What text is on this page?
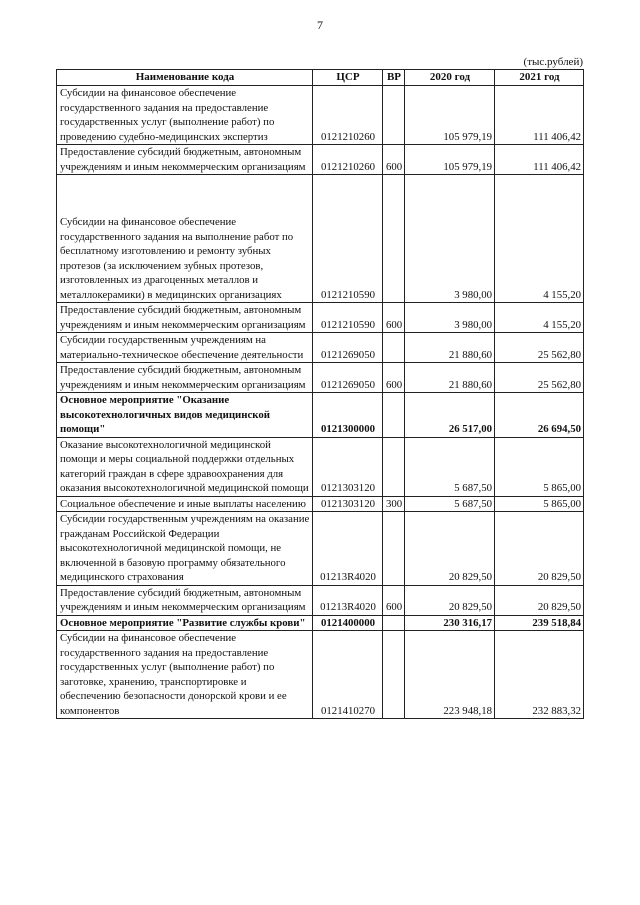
7
(тыс.рублей)
Наименование кода	ЦСР	ВР	2020 год	2021 год
Субсидии на финансовое обеспечение государственного задания на предоставление государственных услуг (выполнение работ) по проведению судебно-медицинских экспертиз	0121210260		105 979,19	111 406,42
Предоставление субсидий бюджетным, автономным учреждениям и иным некоммерческим организациям	0121210260	600	105 979,19	111 406,42
Субсидии на финансовое обеспечение государственного задания на выполнение работ по бесплатному изготовлению и ремонту зубных протезов (за исключением зубных протезов, изготовленных из драгоценных металлов и металлокерамики) в медицинских организациях	0121210590		3 980,00	4 155,20
Предоставление субсидий бюджетным, автономным учреждениям и иным некоммерческим организациям	0121210590	600	3 980,00	4 155,20
Субсидии государственным учреждениям на материально-техническое обеспечение деятельности	0121269050		21 880,60	25 562,80
Предоставление субсидий бюджетным, автономным учреждениям и иным некоммерческим организациям	0121269050	600	21 880,60	25 562,80
Основное мероприятие "Оказание высокотехнологичных видов медицинской помощи"	0121300000		26 517,00	26 694,50
Оказание высокотехнологичной медицинской помощи и меры социальной поддержки отдельных категорий граждан в сфере здравоохранения для оказания высокотехнологичной медицинской помощи	0121303120		5 687,50	5 865,00
Социальное обеспечение и иные выплаты населению	0121303120	300	5 687,50	5 865,00
Субсидии государственным учреждениям на оказание гражданам Российской Федерации высокотехнологичной медицинской помощи, не включенной в базовую программу обязательного медицинского страхования	01213R4020		20 829,50	20 829,50
Предоставление субсидий бюджетным, автономным учреждениям и иным некоммерческим организациям	01213R4020	600	20 829,50	20 829,50
Основное мероприятие "Развитие службы крови"	0121400000		230 316,17	239 518,84
Субсидии на финансовое обеспечение государственного задания на предоставление государственных услуг (выполнение работ) по заготовке, хранению, транспортировке и обеспечению безопасности донорской крови и ее компонентов	0121410270		223 948,18	232 883,32
